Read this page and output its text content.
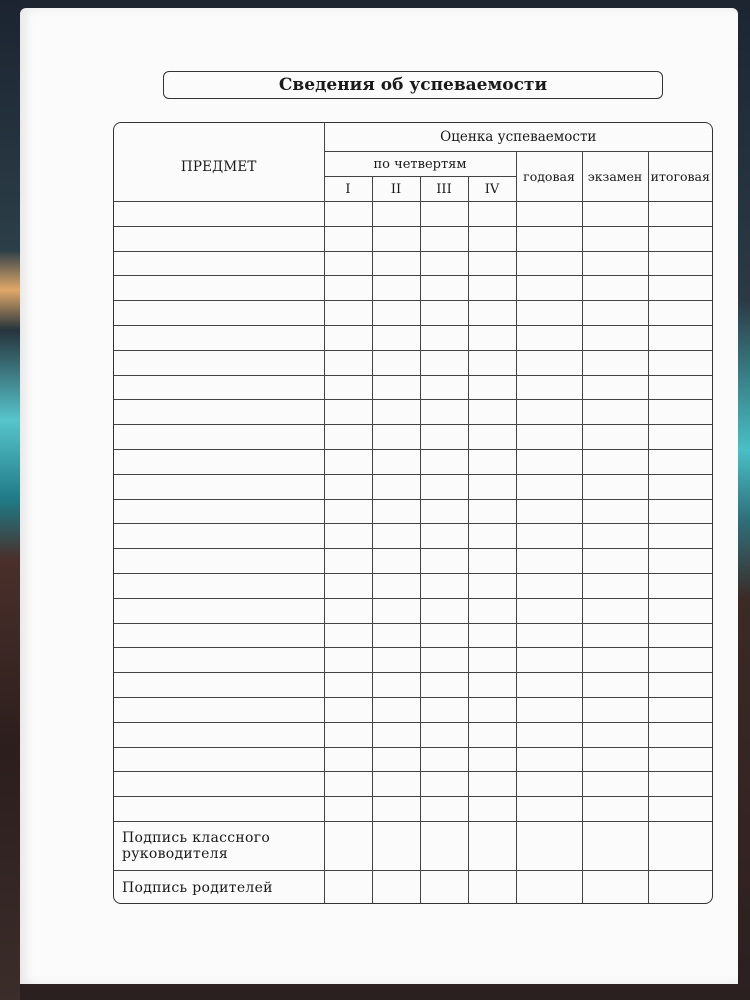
Сведения об успеваемости
ПРЕДМЕТ	Оценка успеваемости						
	по четвертям				годовая	экзамен	итоговая
	I	II	III	IV			

Подпись классного руководителя							
Подпись родителей							
